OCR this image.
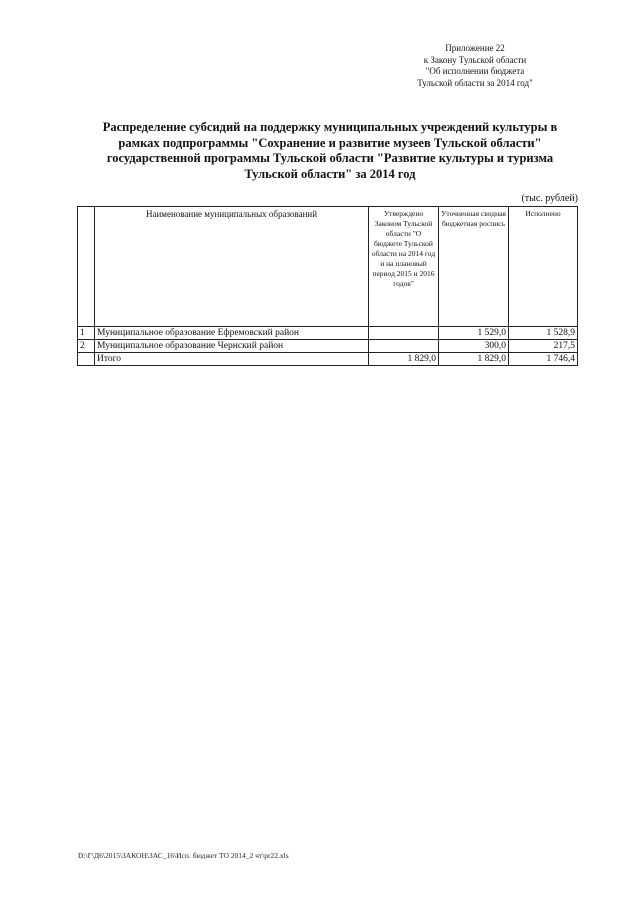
Приложение 22
к Закону Тульской области
"Об исполнении бюджета
Тульской области за 2014 год"
Распределение субсидий на поддержку муниципальных учреждений культуры в
рамках подпрограммы "Сохранение и развитие музеев Тульской области"
государственной программы Тульской области "Развитие культуры и туризма
Тульской области" за 2014 год
(тыс. рублей)
	Наименование муниципальных образований	Утверждено Законом Тульской области "О бюджете Тульской области на 2014 год и на плановый период 2015 и 2016 годов"	Уточненная сводная бюджетная роспись	Исполнено
1	Муниципальное образование Ефремовский район		1 529,0	1 528,9
2	Муниципальное образование Чернский район		300,0	217,5
	Итого	1 829,0	1 829,0	1 746,4
D:\Г\Д6\2015\ЗАКОН\ЗАС_16\Исп. бюджет ТО 2014_2 чт\pr22.xls
